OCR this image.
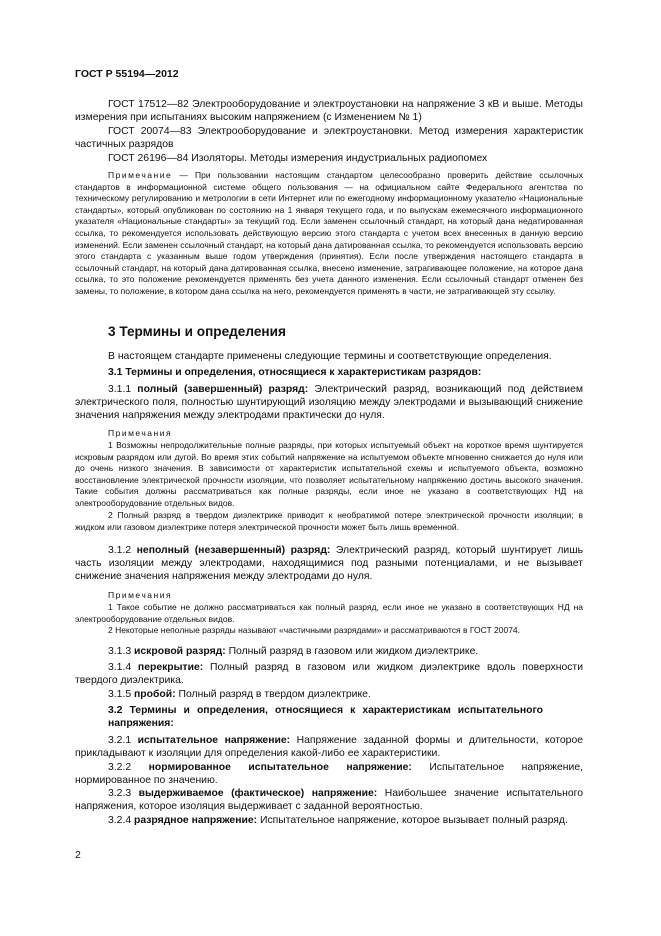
ГОСТ Р 55194—2012

ГОСТ 17512—82 Электрооборудование и электроустановки на напряжение 3 кВ и выше. Методы измерения при испытаниях высоким напряжением (с Изменением № 1)

ГОСТ 20074—83 Электрооборудование и электроустановки. Метод измерения характеристик частичных разрядов

ГОСТ 26196—84 Изоляторы. Методы измерения индустриальных радиопомех

Примечание — При пользовании настоящим стандартом целесообразно проверить действие ссылочных стандартов в информационной системе общего пользования — на официальном сайте Федерального агентства по техническому регулированию и метрологии в сети Интернет или по ежегодному информационному указателю «Национальные стандарты», который опубликован по состоянию на 1 января текущего года, и по выпускам ежемесячного информационного указателя «Национальные стандарты» за текущий год. Если заменен ссылочный стандарт, на который дана недатированная ссылка, то рекомендуется использовать действующую версию этого стандарта с учетом всех внесенных в данную версию изменений. Если заменен ссылочный стандарт, на который дана датированная ссылка, то рекомендуется использовать версию этого стандарта с указанным выше годом утверждения (принятия). Если после утверждения настоящего стандарта в ссылочный стандарт, на который дана датированная ссылка, внесено изменение, затрагивающее положение, на которое дана ссылка, то это положение рекомендуется применять без учета данного изменения. Если ссылочный стандарт отменен без замены, то положение, в котором дана ссылка на него, рекомендуется применять в части, не затрагивающей эту ссылку.

3 Термины и определения

В настоящем стандарте применены следующие термины и соответствующие определения.

3.1 Термины и определения, относящиеся к характеристикам разрядов:

3.1.1 полный (завершенный) разряд: Электрический разряд, возникающий под действием электрического поля, полностью шунтирующий изоляцию между электродами и вызывающий снижение значения напряжения между электродами практически до нуля.

Примечания

1 Возможны непродолжительные полные разряды, при которых испытуемый объект на короткое время шунтируется искровым разрядом или дугой. Во время этих событий напряжение на испытуемом объекте мгновенно снижается до нуля или до очень низкого значения. В зависимости от характеристик испытательной схемы и испытуемого объекта, возможно восстановление электрической прочности изоляции, что позволяет испытательному напряжению достичь высокого значения. Такие события должны рассматриваться как полные разряды, если иное не указано в соответствующих НД на электрооборудование отдельных видов.

2 Полный разряд в твердом диэлектрике приводит к необратимой потере электрической прочности изоляции; в жидком или газовом диэлектрике потеря электрической прочности может быть лишь временной.

3.1.2 неполный (незавершенный) разряд: Электрический разряд, который шунтирует лишь часть изоляции между электродами, находящимися под разными потенциалами, и не вызывает снижение значения напряжения между электродами до нуля.

Примечания

1 Такое событие не должно рассматриваться как полный разряд, если иное не указано в соответствующих НД на электрооборудование отдельных видов.

2 Некоторые неполные разряды называют «частичными разрядами» и рассматриваются в ГОСТ 20074.

3.1.3 искровой разряд: Полный разряд в газовом или жидком диэлектрике.

3.1.4 перекрытие: Полный разряд в газовом или жидком диэлектрике вдоль поверхности твердого диэлектрика.

3.1.5 пробой: Полный разряд в твердом диэлектрике.

3.2 Термины и определения, относящиеся к характеристикам испытательного напряжения:

3.2.1 испытательное напряжение: Напряжение заданной формы и длительности, которое прикладывают к изоляции для определения какой-либо ее характеристики.

3.2.2 нормированное испытательное напряжение: Испытательное напряжение, нормированное по значению.

3.2.3 выдерживаемое (фактическое) напряжение: Наибольшее значение испытательного напряжения, которое изоляция выдерживает с заданной вероятностью.

3.2.4 разрядное напряжение: Испытательное напряжение, которое вызывает полный разряд.

2
